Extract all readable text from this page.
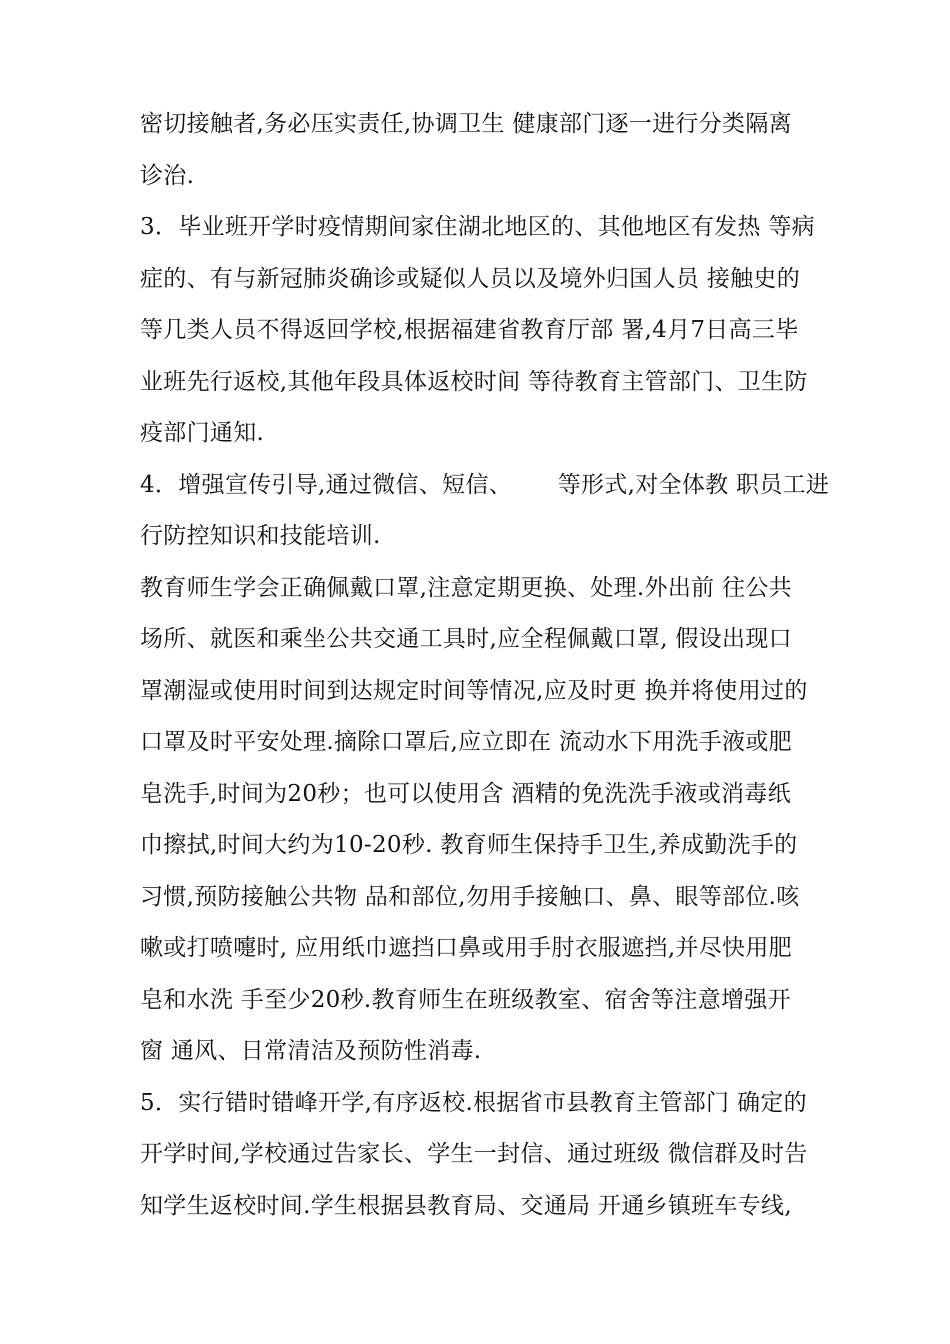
密切接触者,务必压实责任,协调卫生 健康部门逐一进行分类隔离
诊治.
3．毕业班开学时疫情期间家住湖北地区的、其他地区有发热 等病
症的、有与新冠肺炎确诊或疑似人员以及境外归国人员 接触史的
等几类人员不得返回学校,根据福建省教育厅部 署,4月7日高三毕
业班先行返校,其他年段具体返校时间 等待教育主管部门、卫生防
疫部门通知.
4．增强宣传引导,通过微信、短信、      等形式,对全体教 职员工进
行防控知识和技能培训.
教育师生学会正确佩戴口罩,注意定期更换、处理.外出前 往公共
场所、就医和乘坐公共交通工具时,应全程佩戴口罩, 假设出现口
罩潮湿或使用时间到达规定时间等情况,应及时更 换并将使用过的
口罩及时平安处理.摘除口罩后,应立即在 流动水下用洗手液或肥
皂洗手,时间为20秒；也可以使用含 酒精的免洗洗手液或消毒纸
巾擦拭,时间大约为10-20秒. 教育师生保持手卫生,养成勤洗手的
习惯,预防接触公共物 品和部位,勿用手接触口、鼻、眼等部位.咳
嗽或打喷嚏时, 应用纸巾遮挡口鼻或用手肘衣服遮挡,并尽快用肥
皂和水洗 手至少20秒.教育师生在班级教室、宿舍等注意增强开
窗 通风、日常清洁及预防性消毒.
5．实行错时错峰开学,有序返校.根据省市县教育主管部门 确定的
开学时间,学校通过告家长、学生一封信、通过班级 微信群及时告
知学生返校时间.学生根据县教育局、交通局 开通乡镇班车专线,
